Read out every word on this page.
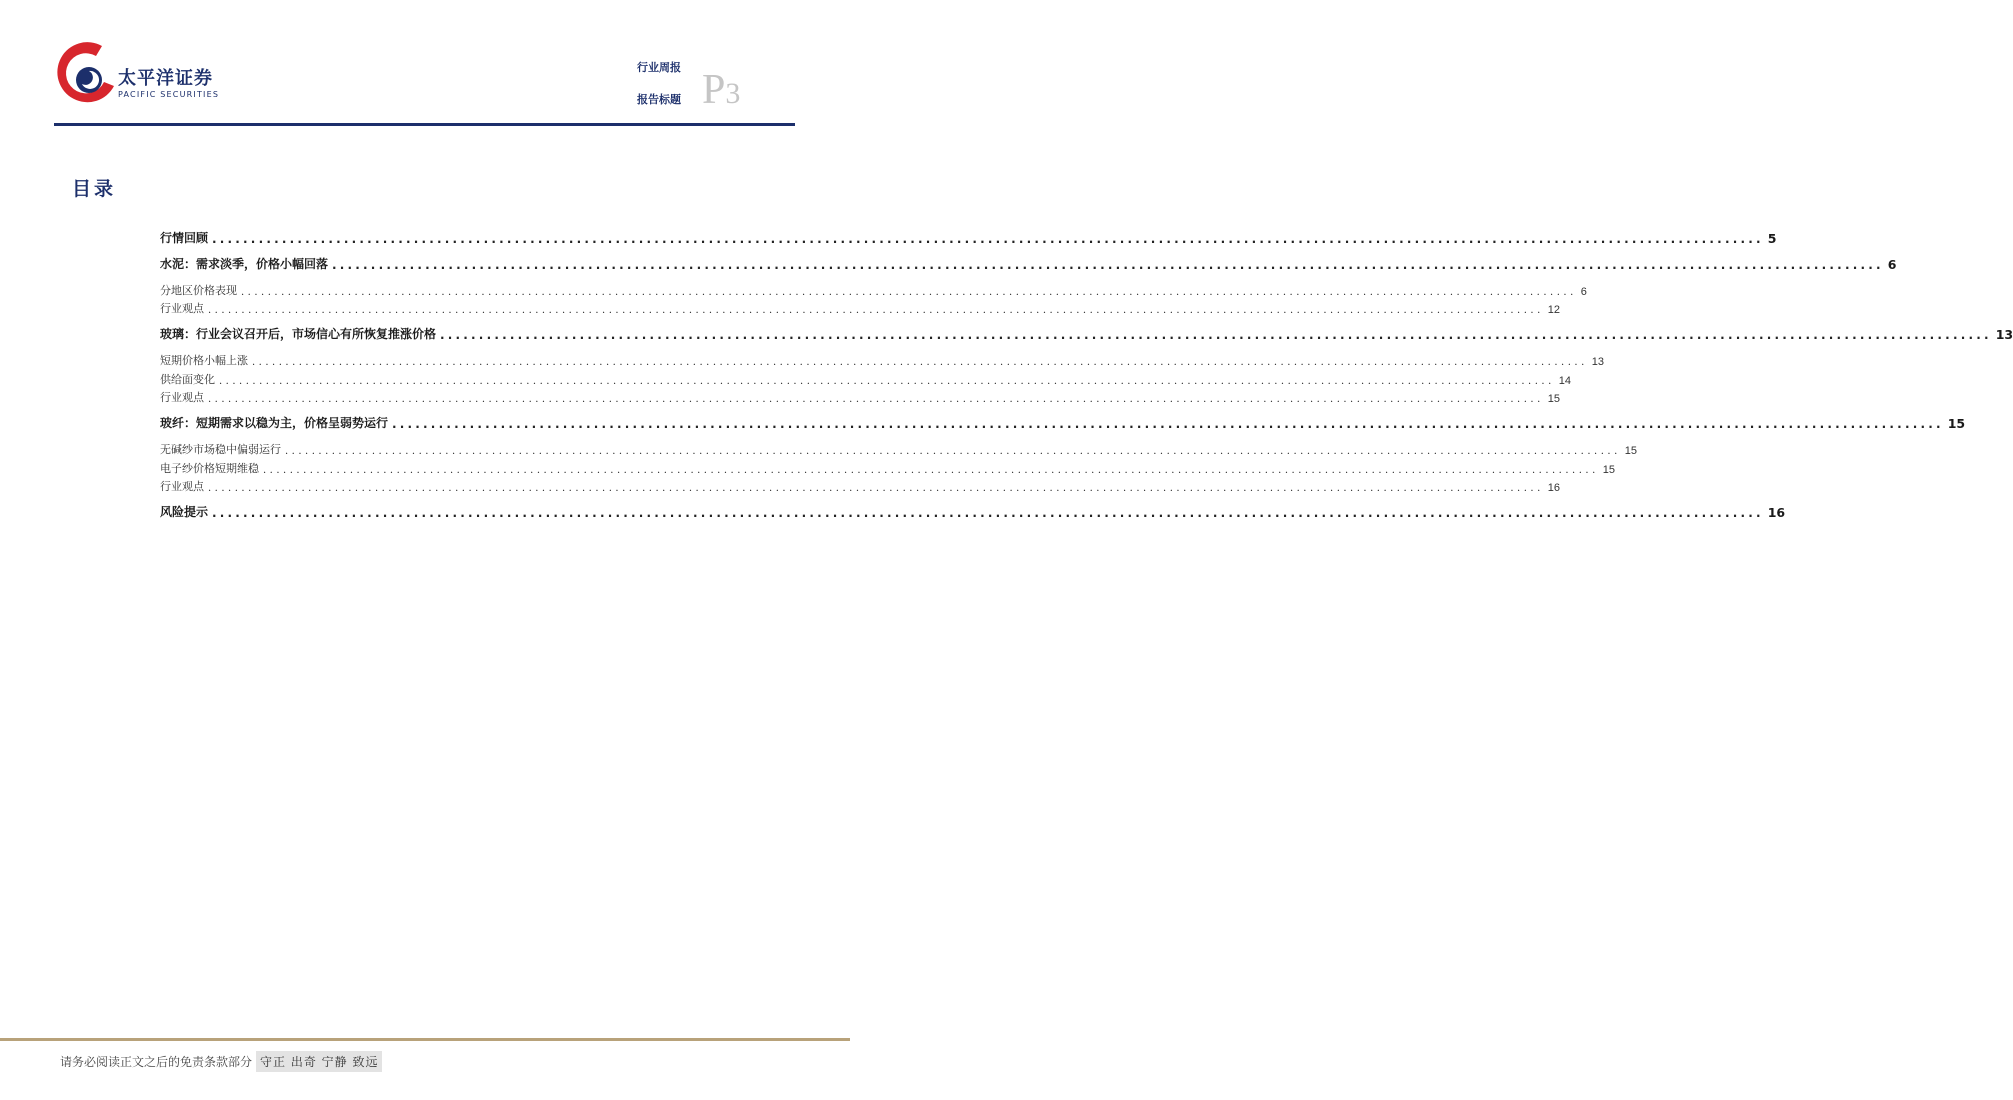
太平洋证券
PACIFIC SECURITIES
行业周报
报告标题 P3
目录
行情回顾 ........................................................................................................................................................................................................ 5
水泥：需求淡季，价格小幅回落 ........................................................................................................................................................................................................ 6
分地区价格表现 ........................................................................................................................................................................................................ 6
行业观点 ........................................................................................................................................................................................................ 12
玻璃：行业会议召开后，市场信心有所恢复推涨价格 ........................................................................................................................................................................................................ 13
短期价格小幅上涨 ........................................................................................................................................................................................................ 13
供给面变化 ........................................................................................................................................................................................................ 14
行业观点 ........................................................................................................................................................................................................ 15
玻纤：短期需求以稳为主，价格呈弱势运行 ........................................................................................................................................................................................................ 15
无碱纱市场稳中偏弱运行 ........................................................................................................................................................................................................ 15
电子纱价格短期维稳 ........................................................................................................................................................................................................ 15
行业观点 ........................................................................................................................................................................................................ 16
风险提示 ........................................................................................................................................................................................................ 16
请务必阅读正文之后的免责条款部分 守正 出奇 宁静 致远
